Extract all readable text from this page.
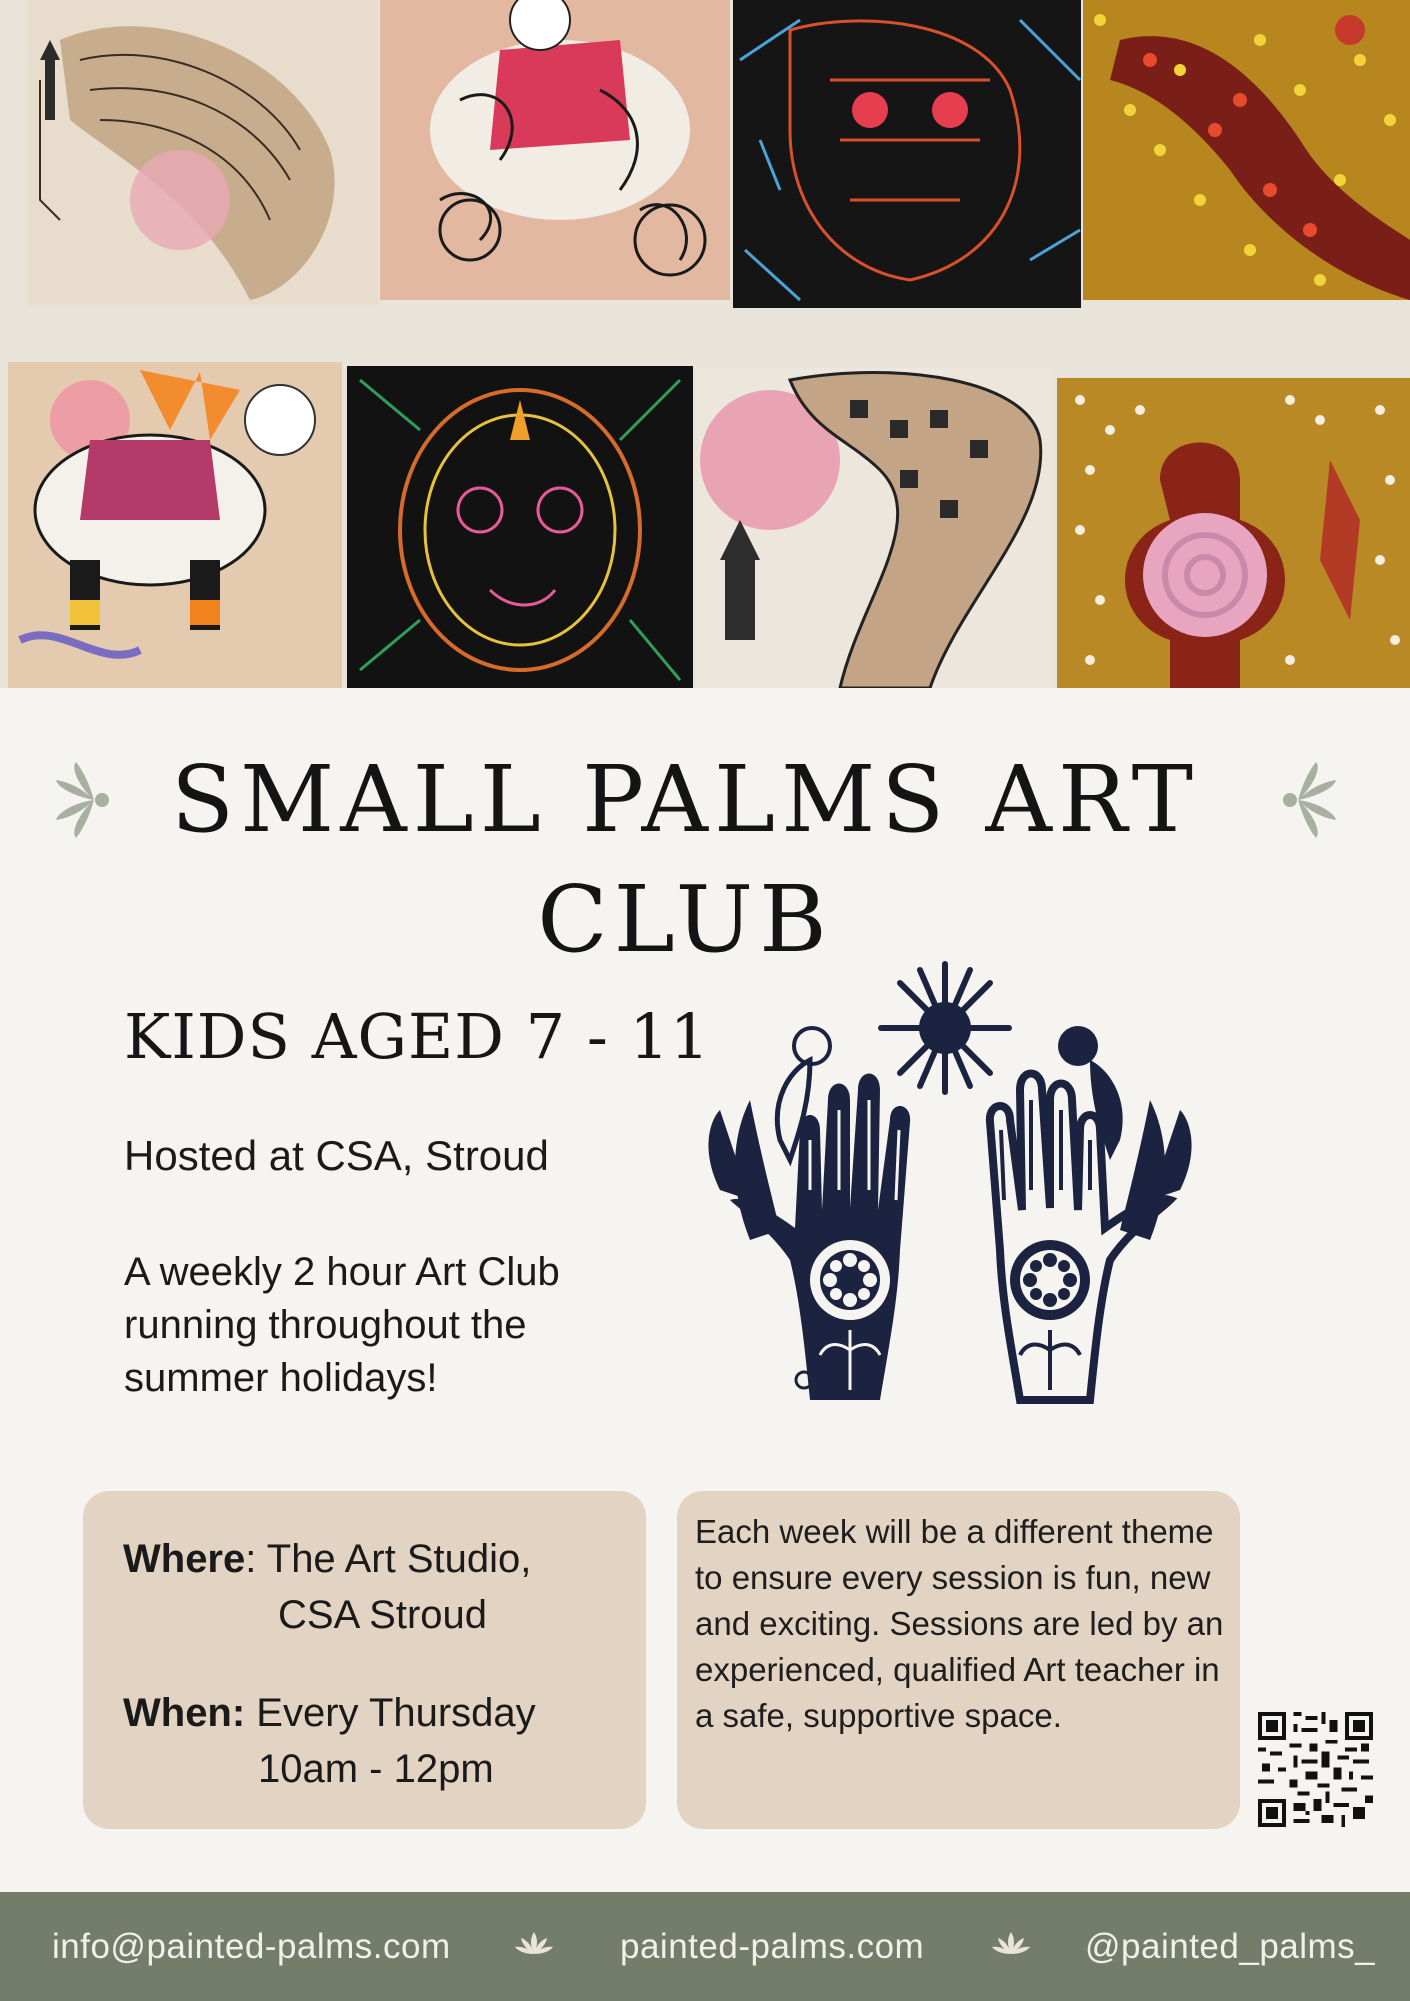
SMALL PALMS ART CLUB
KIDS AGED 7 - 11
Hosted at CSA, Stroud
A weekly 2 hour Art Club running throughout the summer holidays!
Where: The Art Studio,
CSA Stroud
When: Every Thursday
10am - 12pm
Each week will be a different theme to ensure every session is fun, new and exciting. Sessions are led by an experienced, qualified Art teacher in a safe, supportive space.
info@painted-palms.com	painted-palms.com	@painted_palms_
